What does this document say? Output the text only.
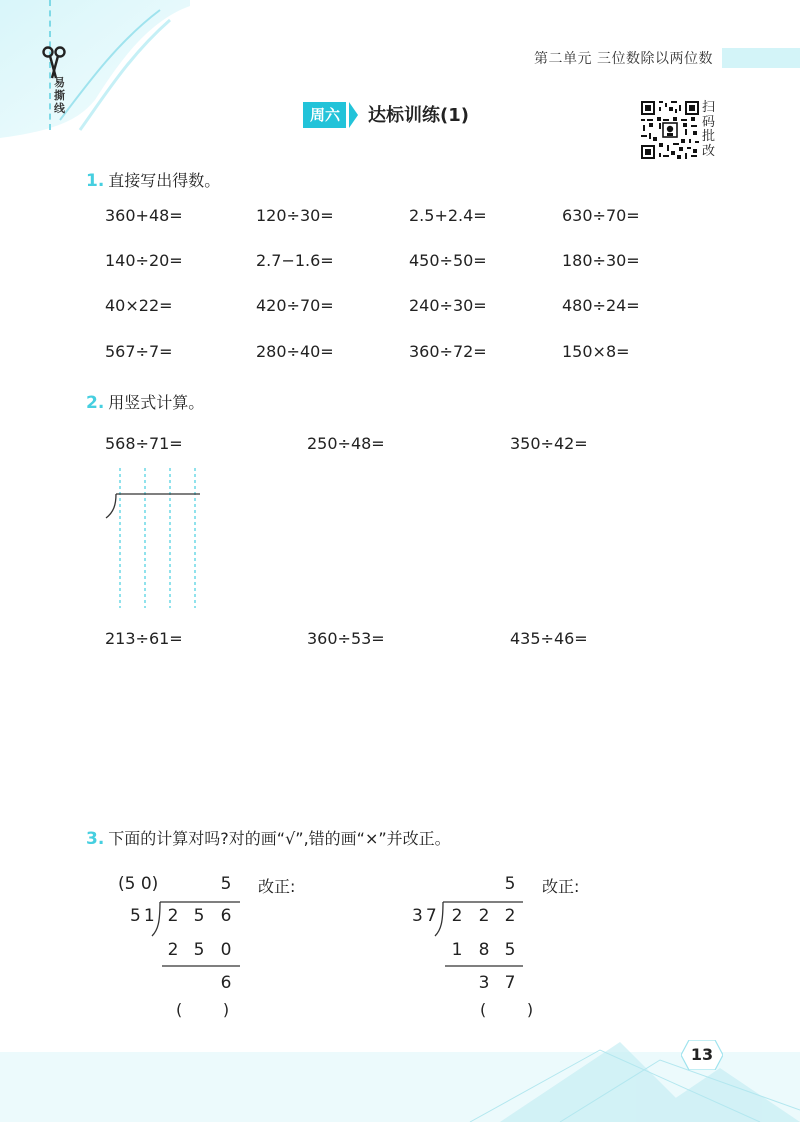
易撕线
第二单元 三位数除以两位数
周六	达标训练(1)	扫码批改
1. 直接写出得数。
360+48=	120÷30=	2.5+2.4=	630÷70=
140÷20=	2.7−1.6=	450÷50=	180÷30=
40×22=	420÷70=	240÷30=	480÷24=
567÷7=	280÷40=	360÷72=	150×8=
2. 用竖式计算。
568÷71=	250÷48=	350÷42=
213÷61=	360÷53=	435÷46=
3. 下面的计算对吗?对的画“√”,错的画“×”并改正。
(5 0)	5 改正:
51 2 5 6
2 5 0
6
(        )
5 改正:
37 2 2 2
1 8 5
3 7
(        )
13
